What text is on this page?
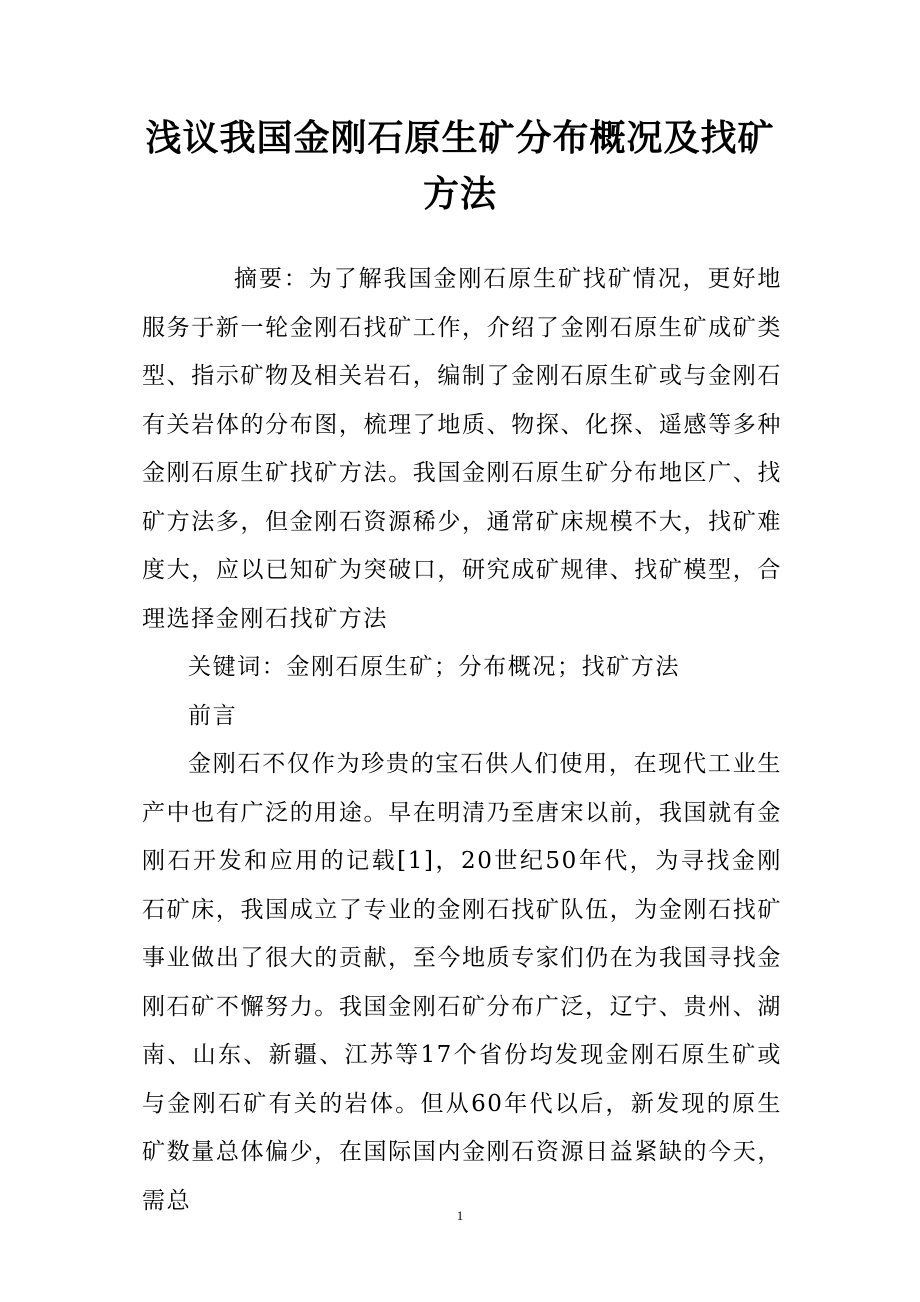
浅议我国金刚石原生矿分布概况及找矿方法

摘要：为了解我国金刚石原生矿找矿情况，更好地服务于新一轮金刚石找矿工作，介绍了金刚石原生矿成矿类型、指示矿物及相关岩石，编制了金刚石原生矿或与金刚石有关岩体的分布图，梳理了地质、物探、化探、遥感等多种金刚石原生矿找矿方法。我国金刚石原生矿分布地区广、找矿方法多，但金刚石资源稀少，通常矿床规模不大，找矿难度大，应以已知矿为突破口，研究成矿规律、找矿模型，合理选择金刚石找矿方法

关键词：金刚石原生矿；分布概况；找矿方法

前言

金刚石不仅作为珍贵的宝石供人们使用，在现代工业生产中也有广泛的用途。早在明清乃至唐宋以前，我国就有金刚石开发和应用的记载[1]，20世纪50年代，为寻找金刚石矿床，我国成立了专业的金刚石找矿队伍，为金刚石找矿事业做出了很大的贡献，至今地质专家们仍在为我国寻找金刚石矿不懈努力。我国金刚石矿分布广泛，辽宁、贵州、湖南、山东、新疆、江苏等17个省份均发现金刚石原生矿或与金刚石矿有关的岩体。但从60年代以后，新发现的原生矿数量总体偏少，在国际国内金刚石资源日益紧缺的今天，需总

1
